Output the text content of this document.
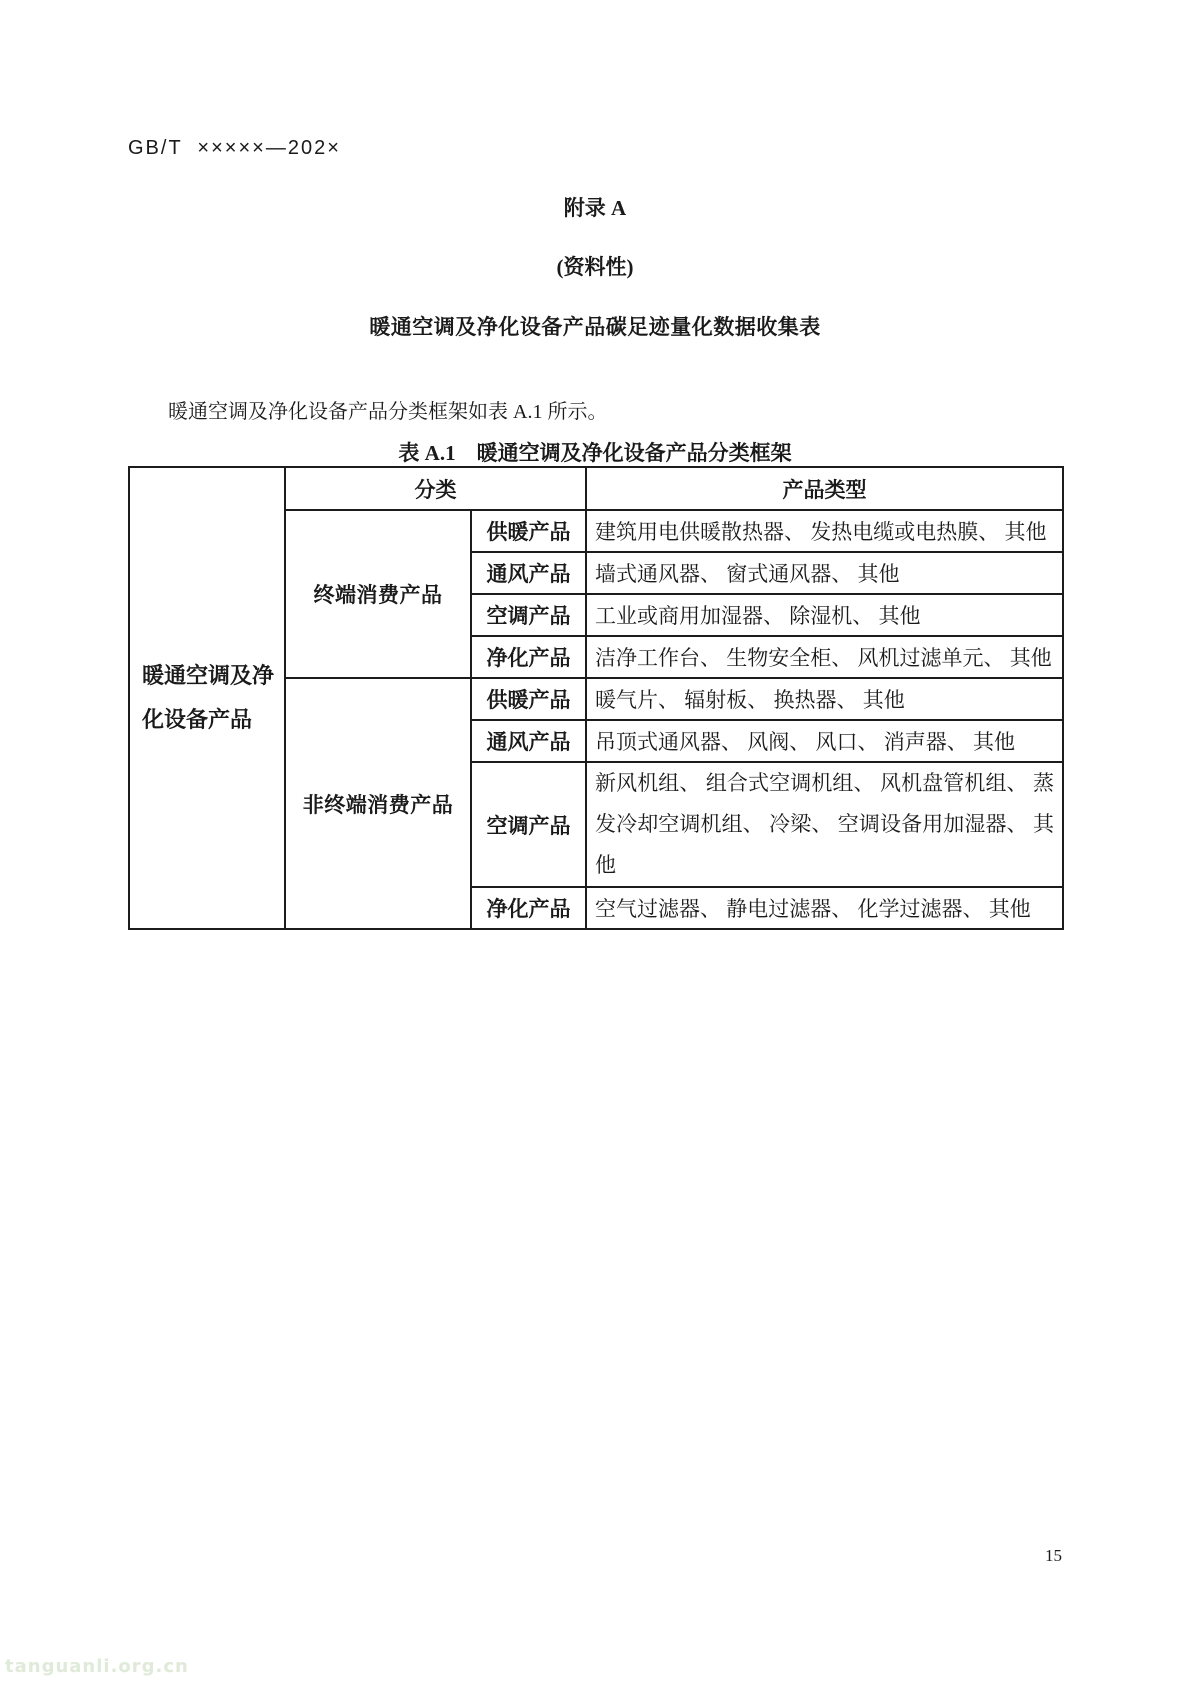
GB/T  ×××××—202×
附录 A
(资料性)
暖通空调及净化设备产品碳足迹量化数据收集表

暖通空调及净化设备产品分类框架如表 A.1 所示。

表 A.1　暖通空调及净化设备产品分类框架
暖通空调及净化设备产品	分类		产品类型
	终端消费产品	供暖产品	建筑用电供暖散热器、 发热电缆或电热膜、 其他
		通风产品	墙式通风器、 窗式通风器、 其他
		空调产品	工业或商用加湿器、 除湿机、 其他
		净化产品	洁净工作台、 生物安全柜、 风机过滤单元、 其他
	非终端消费产品	供暖产品	暖气片、 辐射板、 换热器、 其他
		通风产品	吊顶式通风器、 风阀、 风口、 消声器、 其他
		空调产品	新风机组、 组合式空调机组、 风机盘管机组、 蒸发冷却空调机组、 冷梁、 空调设备用加湿器、 其他
		净化产品	空气过滤器、 静电过滤器、 化学过滤器、 其他
15
tanguanli.org.cn
